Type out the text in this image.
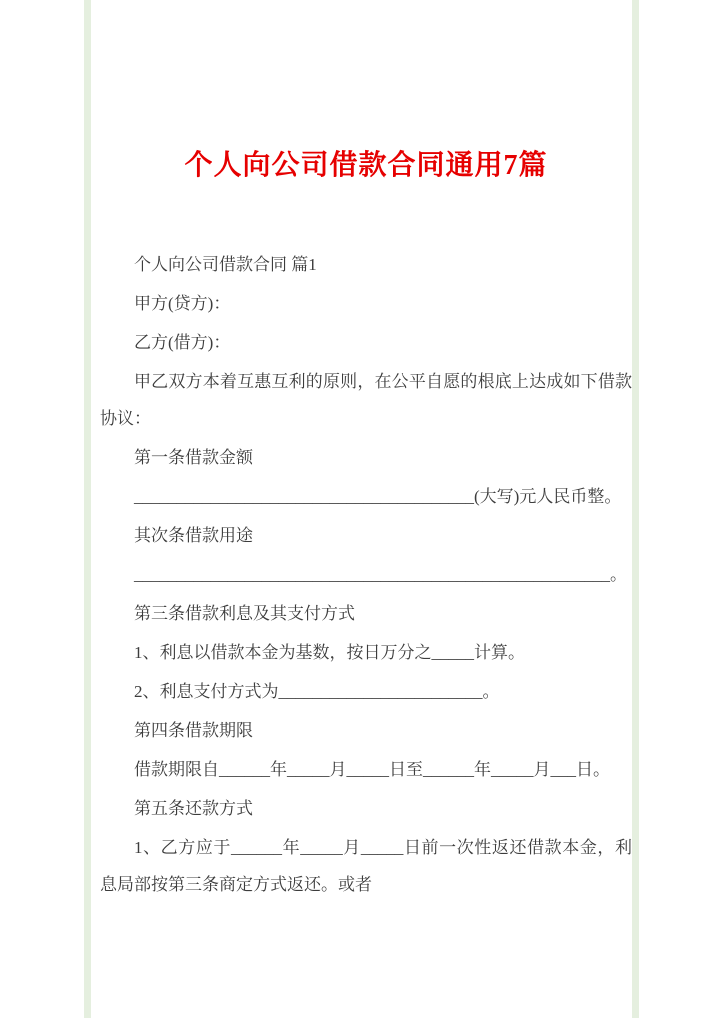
个人向公司借款合同通用7篇

个人向公司借款合同 篇1

甲方(贷方)：

乙方(借方)：

甲乙双方本着互惠互利的原则，在公平自愿的根底上达成如下借款协议：

第一条借款金额

________________________________________(大写)元人民币整。

其次条借款用途

________________________________________________________。

第三条借款利息及其支付方式

1、利息以借款本金为基数，按日万分之_____计算。

2、利息支付方式为________________________。

第四条借款期限

借款期限自______年_____月_____日至______年_____月___日。

第五条还款方式

1、乙方应于______年_____月_____日前一次性返还借款本金，利息局部按第三条商定方式返还。或者
